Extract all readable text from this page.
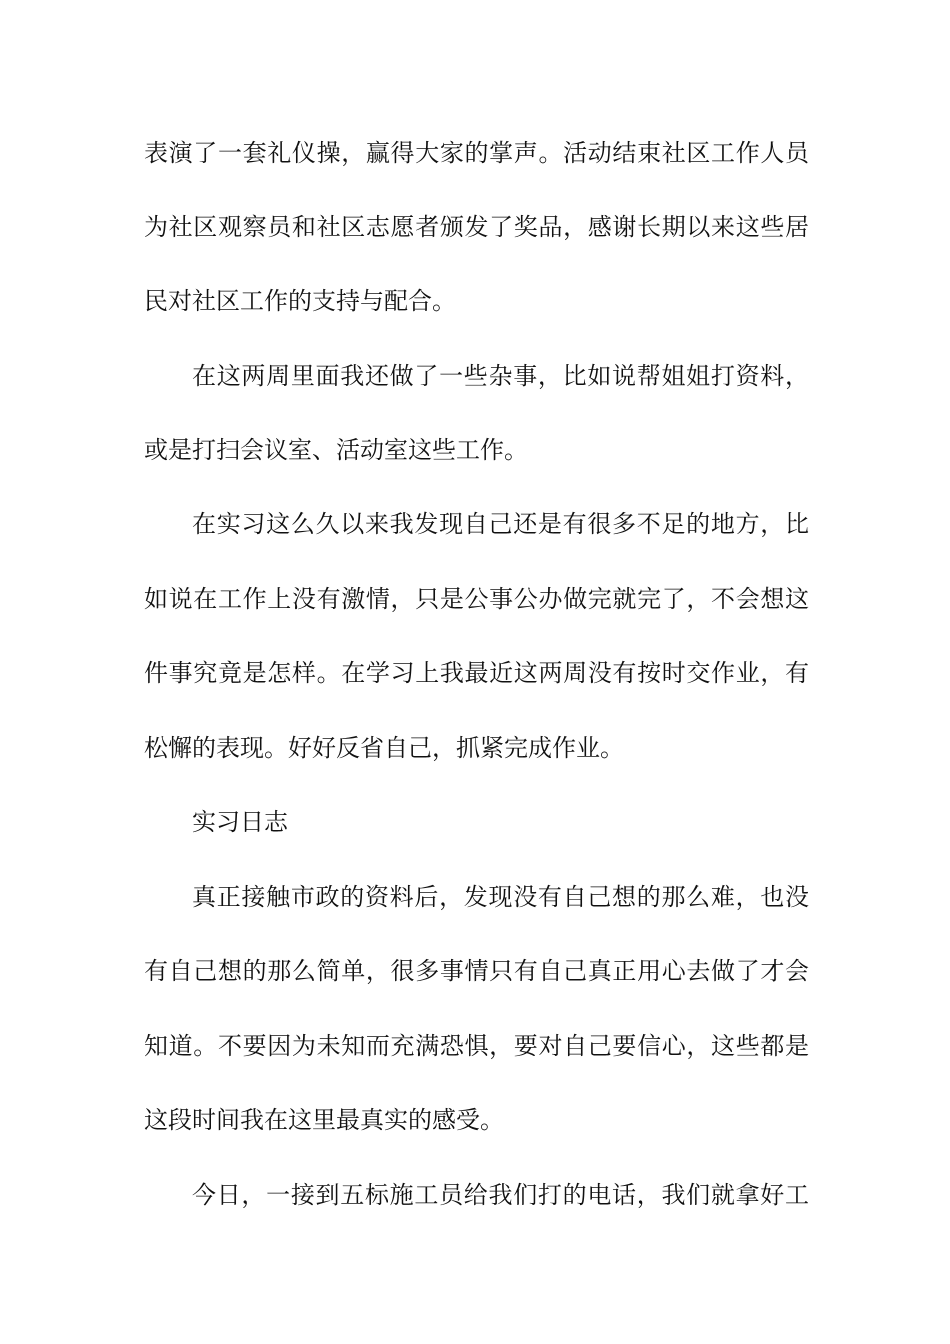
表演了一套礼仪操，赢得大家的掌声。活动结束社区工作人员
为社区观察员和社区志愿者颁发了奖品，感谢长期以来这些居
民对社区工作的支持与配合。
在这两周里面我还做了一些杂事，比如说帮姐姐打资料，
或是打扫会议室、活动室这些工作。
在实习这么久以来我发现自己还是有很多不足的地方，比
如说在工作上没有激情，只是公事公办做完就完了，不会想这
件事究竟是怎样。在学习上我最近这两周没有按时交作业，有
松懈的表现。好好反省自己，抓紧完成作业。
实习日志
真正接触市政的资料后，发现没有自己想的那么难，也没
有自己想的那么简单，很多事情只有自己真正用心去做了才会
知道。不要因为未知而充满恐惧，要对自己要信心，这些都是
这段时间我在这里最真实的感受。
今日，一接到五标施工员给我们打的电话，我们就拿好工
